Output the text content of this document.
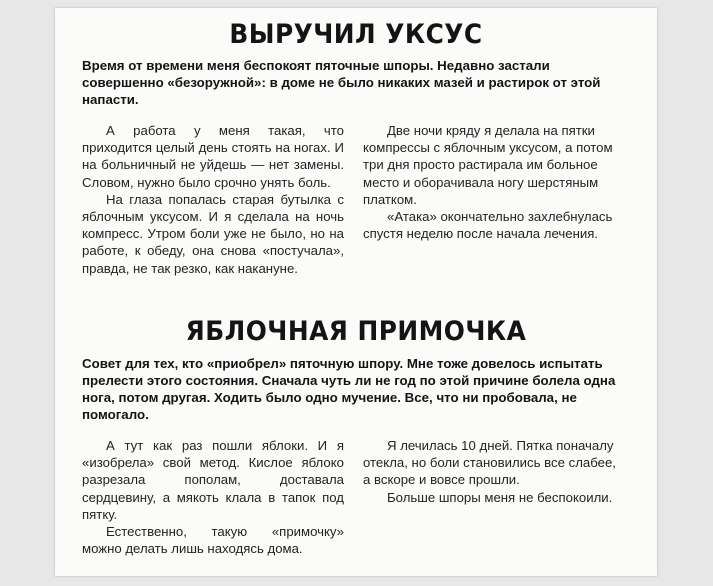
ВЫРУЧИЛ УКСУС

Время от времени меня беспокоят пяточные шпоры. Недавно застали совершенно «безоружной»: в доме не было никаких мазей и растирок от этой напасти.

А работа у меня такая, что приходится целый день стоять на ногах. И на больничный не уйдешь — нет замены. Словом, нужно было срочно унять боль.

На глаза попалась старая бутылка с яблочным уксусом. И я сделала на ночь компресс. Утром боли уже не было, но на работе, к обеду, она снова «постучала», правда, не так резко, как накануне.

Две ночи кряду я делала на пятки компрессы с яблочным уксусом, а потом три дня просто растирала им больное место и оборачивала ногу шерстяным платком.

«Атака» окончательно захлебнулась спустя неделю после начала лечения.

ЯБЛОЧНАЯ ПРИМОЧКА

Совет для тех, кто «приобрел» пяточную шпору. Мне тоже довелось испытать прелести этого состояния. Сначала чуть ли не год по этой причине болела одна нога, потом другая. Ходить было одно мучение. Все, что ни пробовала, не помогало.

А тут как раз пошли яблоки. И я «изобрела» свой метод. Кислое яблоко разрезала пополам, доставала сердцевину, а мякоть клала в тапок под пятку.

Естественно, такую «примочку» можно делать лишь находясь дома.

Я лечилась 10 дней. Пятка поначалу отекла, но боли становились все слабее, а вскоре и вовсе прошли.

Больше шпоры меня не беспокоили.
